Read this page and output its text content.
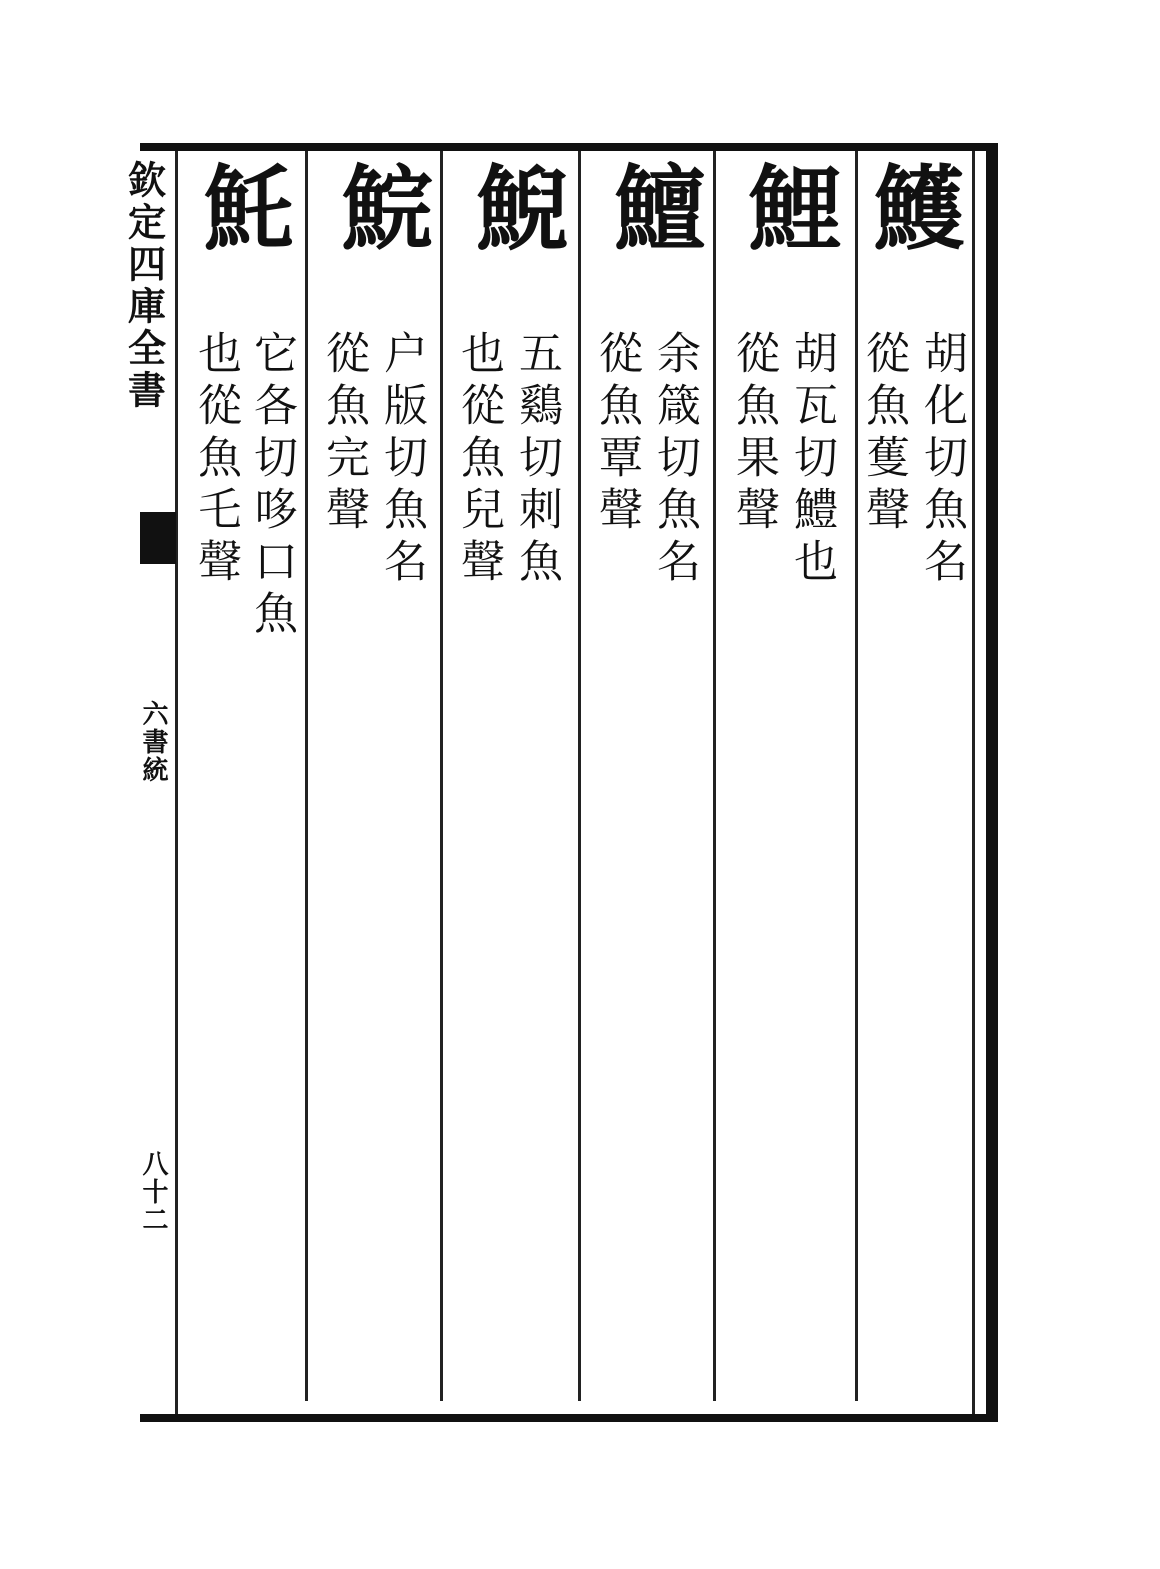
欽定四庫全書
六書統
八十二
鱯
胡化切魚名
從魚蒦聲
鯉
胡瓦切鱧也
從魚果聲
鱣
余箴切魚名
從魚覃聲
鯢
五鷄切刺魚
也從魚兒聲
鯇
户版切魚名
從魚完聲
魠
它各切哆口魚
也從魚乇聲
